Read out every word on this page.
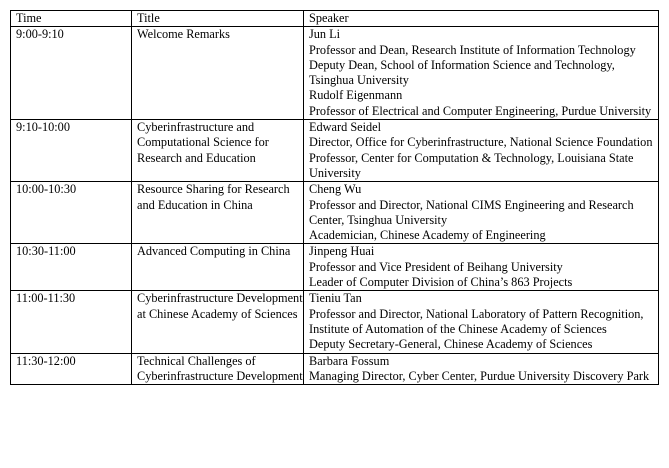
Time	Title	Speaker
9:00-9:10	Welcome Remarks	Jun Li
Professor and Dean, Research Institute of Information Technology
Deputy Dean, School of Information Science and Technology, Tsinghua University
Rudolf Eigenmann
Professor of Electrical and Computer Engineering, Purdue University

9:10-10:00	Cyberinfrastructure and Computational Science for Research and Education	Edward Seidel
Director, Office for Cyberinfrastructure, National Science Foundation
Professor, Center for Computation & Technology, Louisiana State University

10:00-10:30	Resource Sharing for Research and Education in China	Cheng Wu
Professor and Director, National CIMS Engineering and Research Center, Tsinghua University
Academician, Chinese Academy of Engineering

10:30-11:00	Advanced Computing in China	Jinpeng Huai
Professor and Vice President of Beihang University
Leader of Computer Division of China’s 863 Projects

11:00-11:30	Cyberinfrastructure Development at Chinese Academy of Sciences	Tieniu Tan
Professor and Director, National Laboratory of Pattern Recognition, Institute of Automation of the Chinese Academy of Sciences
Deputy Secretary-General, Chinese Academy of Sciences

11:30-12:00	Technical Challenges of Cyberinfrastructure Development	Barbara Fossum
Managing Director, Cyber Center, Purdue University Discovery Park
